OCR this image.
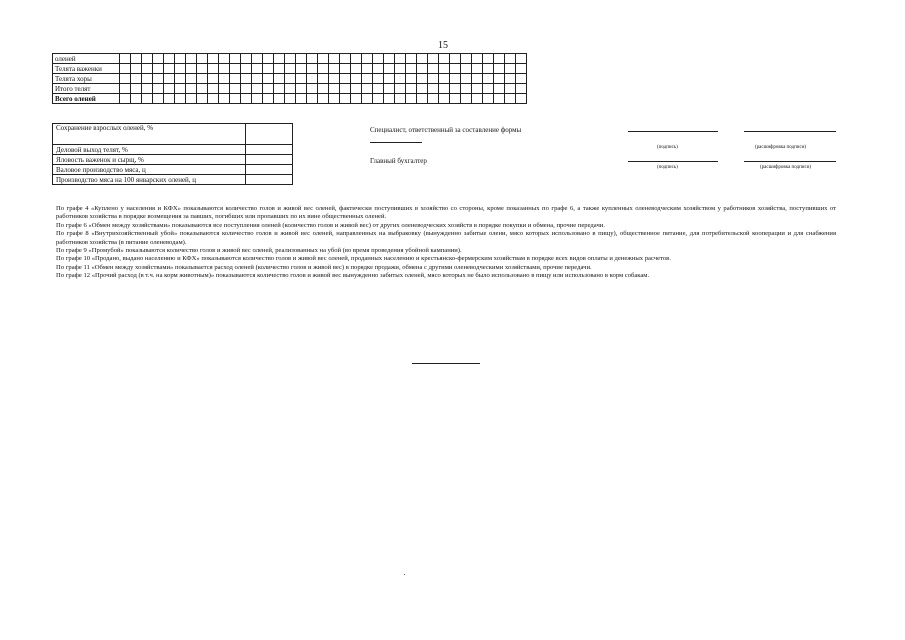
15
оленей																																					
Телята важенки																																					
Телята хоры																																					
Итого телят																																					
Всего оленей																																					
Сохранение взрослых оленей, %	
Деловой выход телят, %	
Яловость важенок и сырщ, %	
Валовое производство мяса, ц	
Производство мяса на 100 январских оленей, ц	
Специалист, ответственный за составление формы
(подпись)	(расшифровка подписи)
Главный бухгалтер
(подпись)	(расшифровка подписи)

По графе 4 «Куплено у населения и КФХ» показываются количество голов и живой вес оленей, фактически поступивших в хозяйство со стороны, кроме показанных по графе 6, а также купленных оленеводческим хозяйством у работников хозяйства, поступивших от работников хозяйства в порядке возмещения за павших, погибших или пропавших по их вине общественных оленей.

По графе 6 «Обмен между хозяйствами» показываются все поступления оленей (количество голов и живой вес) от других оленеводческих хозяйств в порядке покупки и обмена, прочие передачи.

По графе 8 «Внутрихозяйственный убой» показываются количество голов и живой вес оленей, направленных на выбраковку (вынужденно забитые олени, мясо которых использовано в пищу), общественное питание, для потребительской кооперации и для снабжения работников хозяйства (в питание оленеводам).

По графе 9 «Промубой» показываются количество голов и живой вес оленей, реализованных на убой (во время проведения убойной кампании).

По графе 10 «Продано, выдано населению и КФХ» показываются количество голов и живой вес оленей, проданных населению и крестьянско-фермерским хозяйствам в порядке всех видов оплаты и денежных расчетов.

По графе 11 «Обмен между хозяйствами» показывается расход оленей (количество голов и живой вес) в порядке продажи, обмена с другими оленеводческими хозяйствами, прочие передачи.

По графе 12 «Прочий расход (в т.ч. на корм животным)» показываются количество голов и живой вес вынужденно забитых оленей, мясо которых не было использовано в пищу или использовано в корм собакам.
